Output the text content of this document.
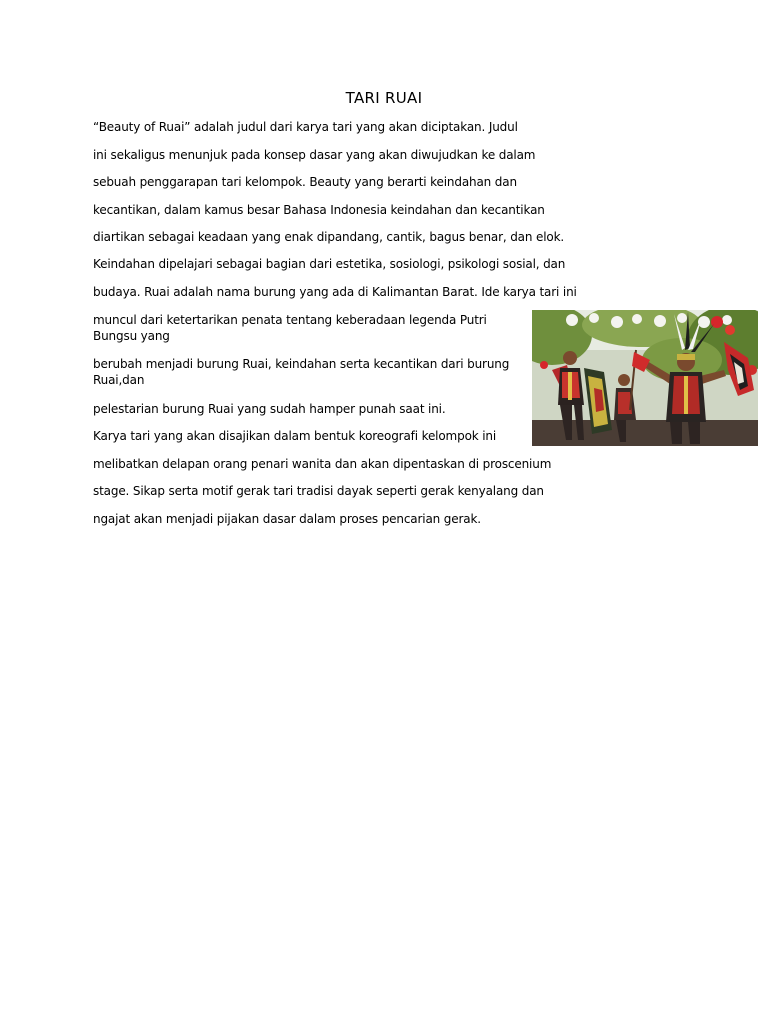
TARI RUAI
“Beauty of Ruai” adalah judul dari karya tari yang akan diciptakan. Judul
ini sekaligus menunjuk pada konsep dasar yang akan diwujudkan ke dalam
sebuah penggarapan tari kelompok. Beauty yang berarti keindahan dan
kecantikan, dalam kamus besar Bahasa Indonesia keindahan dan kecantikan
diartikan sebagai keadaan yang enak dipandang, cantik, bagus benar, dan elok.
Keindahan dipelajari sebagai bagian dari estetika, sosiologi, psikologi sosial, dan
budaya. Ruai adalah nama burung yang ada di Kalimantan Barat. Ide karya tari ini
muncul dari ketertarikan penata tentang keberadaan legenda Putri
Bungsu yang
berubah menjadi burung Ruai, keindahan serta kecantikan dari burung
Ruai,dan
pelestarian burung Ruai yang sudah hamper punah saat ini.
Karya tari yang akan disajikan dalam bentuk koreografi kelompok ini
melibatkan delapan orang penari wanita dan akan dipentaskan di proscenium
stage. Sikap serta motif gerak tari tradisi dayak seperti gerak kenyalang dan
ngajat akan menjadi pijakan dasar dalam proses pencarian gerak.
